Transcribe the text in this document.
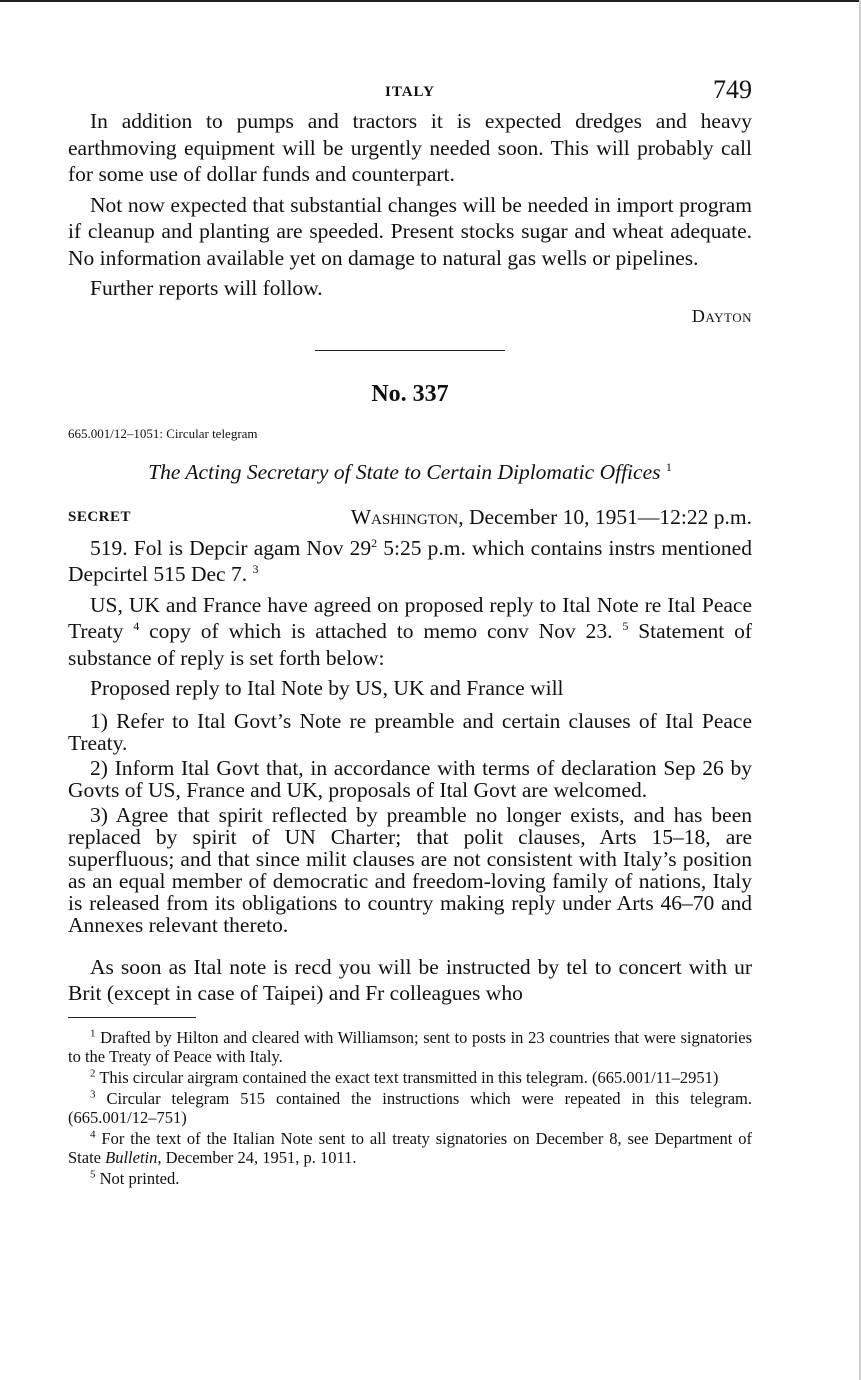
ITALY	749

In addition to pumps and tractors it is expected dredges and heavy earthmoving equipment will be urgently needed soon. This will probably call for some use of dollar funds and counterpart.

Not now expected that substantial changes will be needed in import program if cleanup and planting are speeded. Present stocks sugar and wheat adequate. No information available yet on damage to natural gas wells or pipelines.

Further reports will follow.

Dayton
No. 337
665.001/12–1051: Circular telegram
The Acting Secretary of State to Certain Diplomatic Offices $^1$
SECRET	Washington, December 10, 1951—12:22 p.m.

519. Fol is Depcir agam Nov $29^2$ 5:25 p.m. which contains instrs mentioned Depcirtel 515 Dec 7. $^3$

US, UK and France have agreed on proposed reply to Ital Note re Ital Peace Treaty $^4$ copy of which is attached to memo conv Nov 23. $^5$ Statement of substance of reply is set forth below:

Proposed reply to Ital Note by US, UK and France will

1) Refer to Ital Govt’s Note re preamble and certain clauses of Ital Peace Treaty.

2) Inform Ital Govt that, in accordance with terms of declaration Sep 26 by Govts of US, France and UK, proposals of Ital Govt are welcomed.

3) Agree that spirit reflected by preamble no longer exists, and has been replaced by spirit of UN Charter; that polit clauses, Arts 15–18, are superfluous; and that since milit clauses are not consistent with Italy’s position as an equal member of democratic and freedom-loving family of nations, Italy is released from its obligations to country making reply under Arts 46–70 and Annexes relevant thereto.

As soon as Ital note is recd you will be instructed by tel to concert with ur Brit (except in case of Taipei) and Fr colleagues who

$^1$ Drafted by Hilton and cleared with Williamson; sent to posts in 23 countries that were signatories to the Treaty of Peace with Italy.

$^2$ This circular airgram contained the exact text transmitted in this telegram. (665.001/11–2951)

$^3$ Circular telegram 515 contained the instructions which were repeated in this telegram. (665.001/12–751)

$^4$ For the text of the Italian Note sent to all treaty signatories on December 8, see Department of State Bulletin, December 24, 1951, p. 1011.

$^5$ Not printed.
